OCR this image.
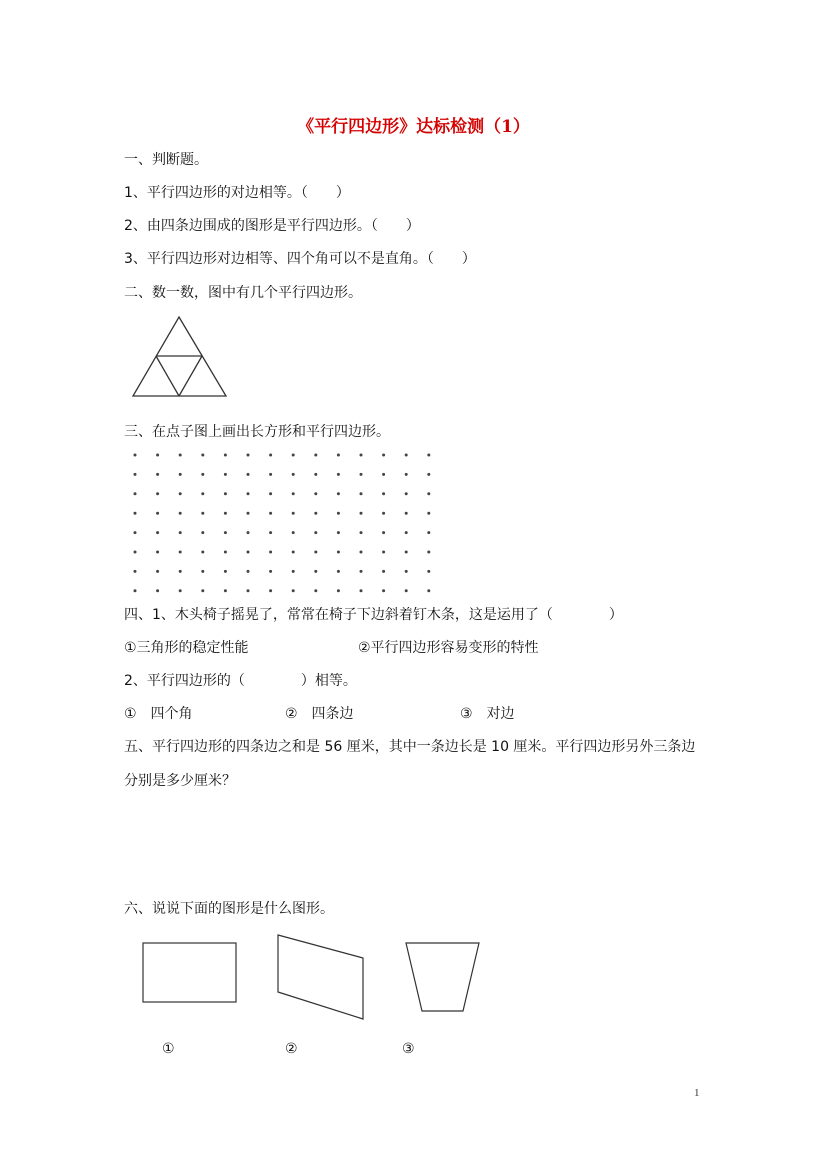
《平行四边形》达标检测（1）
一、判断题。
1、平行四边形的对边相等。（　　）
2、由四条边围成的图形是平行四边形。（　　）
3、平行四边形对边相等、四个角可以不是直角。（　　）
二、数一数，图中有几个平行四边形。
三、在点子图上画出长方形和平行四边形。
四、1、木头椅子摇晃了，常常在椅子下边斜着钉木条，这是运用了（　　　　）
①三角形的稳定性能	②平行四边形容易变形的特性
2、平行四边形的（　　　　）相等。
①　四个角	②　四条边	③　对边
五、平行四边形的四条边之和是 56 厘米，其中一条边长是 10 厘米。平行四边形另外三条边
分别是多少厘米？
六、说说下面的图形是什么图形。
①	②	③
1
